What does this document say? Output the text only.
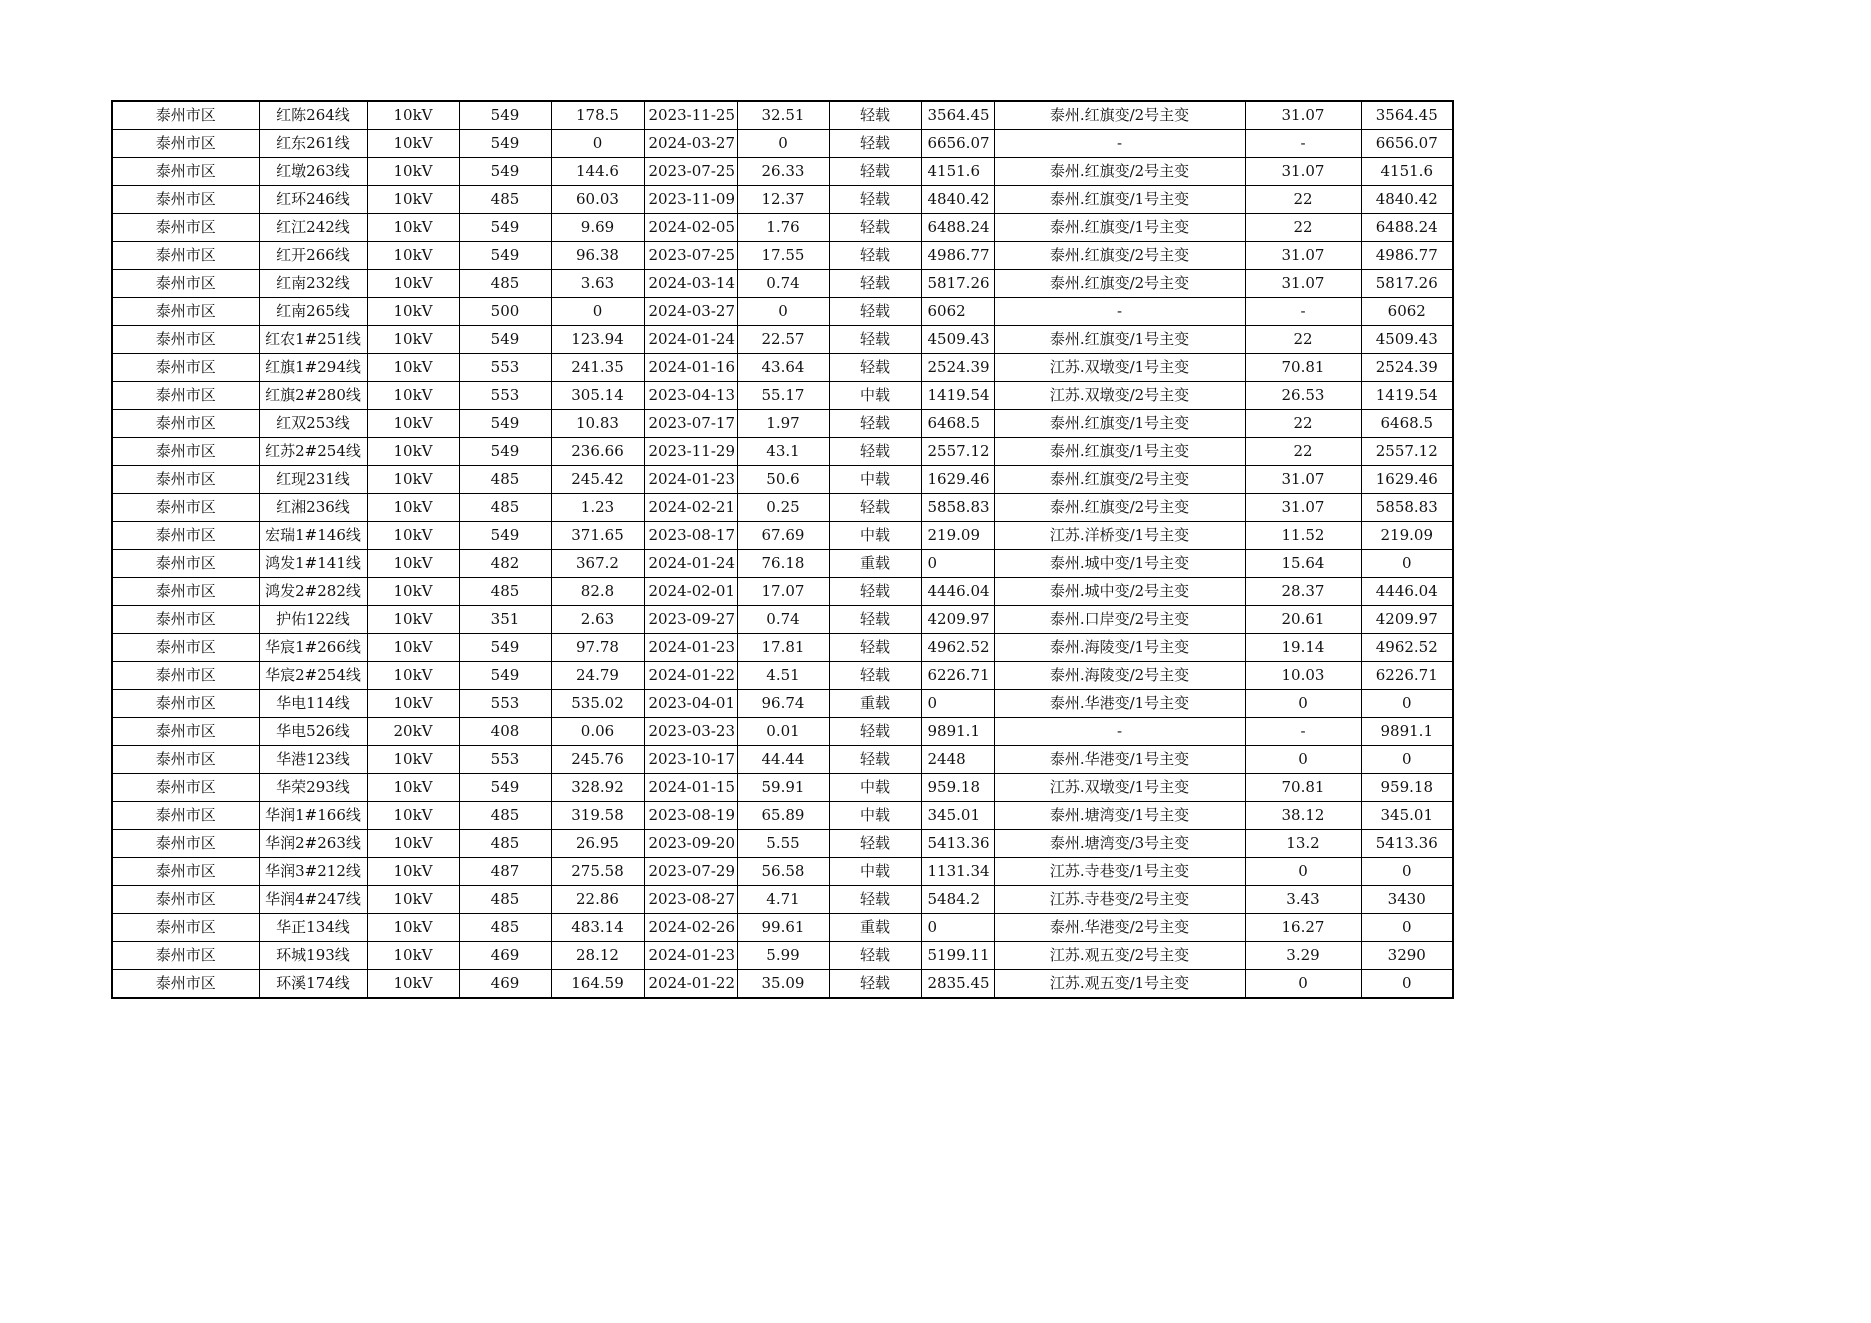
泰州市区	红陈264线	10kV	549	178.5	2023-11-25	32.51	轻载	3564.45	泰州.红旗变/2号主变	31.07	3564.45
泰州市区	红东261线	10kV	549	0	2024-03-27	0	轻载	6656.07	-	-	6656.07
泰州市区	红墩263线	10kV	549	144.6	2023-07-25	26.33	轻载	4151.6	泰州.红旗变/2号主变	31.07	4151.6
泰州市区	红环246线	10kV	485	60.03	2023-11-09	12.37	轻载	4840.42	泰州.红旗变/1号主变	22	4840.42
泰州市区	红江242线	10kV	549	9.69	2024-02-05	1.76	轻载	6488.24	泰州.红旗变/1号主变	22	6488.24
泰州市区	红开266线	10kV	549	96.38	2023-07-25	17.55	轻载	4986.77	泰州.红旗变/2号主变	31.07	4986.77
泰州市区	红南232线	10kV	485	3.63	2024-03-14	0.74	轻载	5817.26	泰州.红旗变/2号主变	31.07	5817.26
泰州市区	红南265线	10kV	500	0	2024-03-27	0	轻载	6062	-	-	6062
泰州市区	红农1#251线	10kV	549	123.94	2024-01-24	22.57	轻载	4509.43	泰州.红旗变/1号主变	22	4509.43
泰州市区	红旗1#294线	10kV	553	241.35	2024-01-16	43.64	轻载	2524.39	江苏.双墩变/1号主变	70.81	2524.39
泰州市区	红旗2#280线	10kV	553	305.14	2023-04-13	55.17	中载	1419.54	江苏.双墩变/2号主变	26.53	1419.54
泰州市区	红双253线	10kV	549	10.83	2023-07-17	1.97	轻载	6468.5	泰州.红旗变/1号主变	22	6468.5
泰州市区	红苏2#254线	10kV	549	236.66	2023-11-29	43.1	轻载	2557.12	泰州.红旗变/1号主变	22	2557.12
泰州市区	红现231线	10kV	485	245.42	2024-01-23	50.6	中载	1629.46	泰州.红旗变/2号主变	31.07	1629.46
泰州市区	红湘236线	10kV	485	1.23	2024-02-21	0.25	轻载	5858.83	泰州.红旗变/2号主变	31.07	5858.83
泰州市区	宏瑞1#146线	10kV	549	371.65	2023-08-17	67.69	中载	219.09	江苏.洋桥变/1号主变	11.52	219.09
泰州市区	鸿发1#141线	10kV	482	367.2	2024-01-24	76.18	重载	0	泰州.城中变/1号主变	15.64	0
泰州市区	鸿发2#282线	10kV	485	82.8	2024-02-01	17.07	轻载	4446.04	泰州.城中变/2号主变	28.37	4446.04
泰州市区	护佑122线	10kV	351	2.63	2023-09-27	0.74	轻载	4209.97	泰州.口岸变/2号主变	20.61	4209.97
泰州市区	华宸1#266线	10kV	549	97.78	2024-01-23	17.81	轻载	4962.52	泰州.海陵变/1号主变	19.14	4962.52
泰州市区	华宸2#254线	10kV	549	24.79	2024-01-22	4.51	轻载	6226.71	泰州.海陵变/2号主变	10.03	6226.71
泰州市区	华电114线	10kV	553	535.02	2023-04-01	96.74	重载	0	泰州.华港变/1号主变	0	0
泰州市区	华电526线	20kV	408	0.06	2023-03-23	0.01	轻载	9891.1	-	-	9891.1
泰州市区	华港123线	10kV	553	245.76	2023-10-17	44.44	轻载	2448	泰州.华港变/1号主变	0	0
泰州市区	华荣293线	10kV	549	328.92	2024-01-15	59.91	中载	959.18	江苏.双墩变/1号主变	70.81	959.18
泰州市区	华润1#166线	10kV	485	319.58	2023-08-19	65.89	中载	345.01	泰州.塘湾变/1号主变	38.12	345.01
泰州市区	华润2#263线	10kV	485	26.95	2023-09-20	5.55	轻载	5413.36	泰州.塘湾变/3号主变	13.2	5413.36
泰州市区	华润3#212线	10kV	487	275.58	2023-07-29	56.58	中载	1131.34	江苏.寺巷变/1号主变	0	0
泰州市区	华润4#247线	10kV	485	22.86	2023-08-27	4.71	轻载	5484.2	江苏.寺巷变/2号主变	3.43	3430
泰州市区	华正134线	10kV	485	483.14	2024-02-26	99.61	重载	0	泰州.华港变/2号主变	16.27	0
泰州市区	环城193线	10kV	469	28.12	2024-01-23	5.99	轻载	5199.11	江苏.观五变/2号主变	3.29	3290
泰州市区	环溪174线	10kV	469	164.59	2024-01-22	35.09	轻载	2835.45	江苏.观五变/1号主变	0	0
